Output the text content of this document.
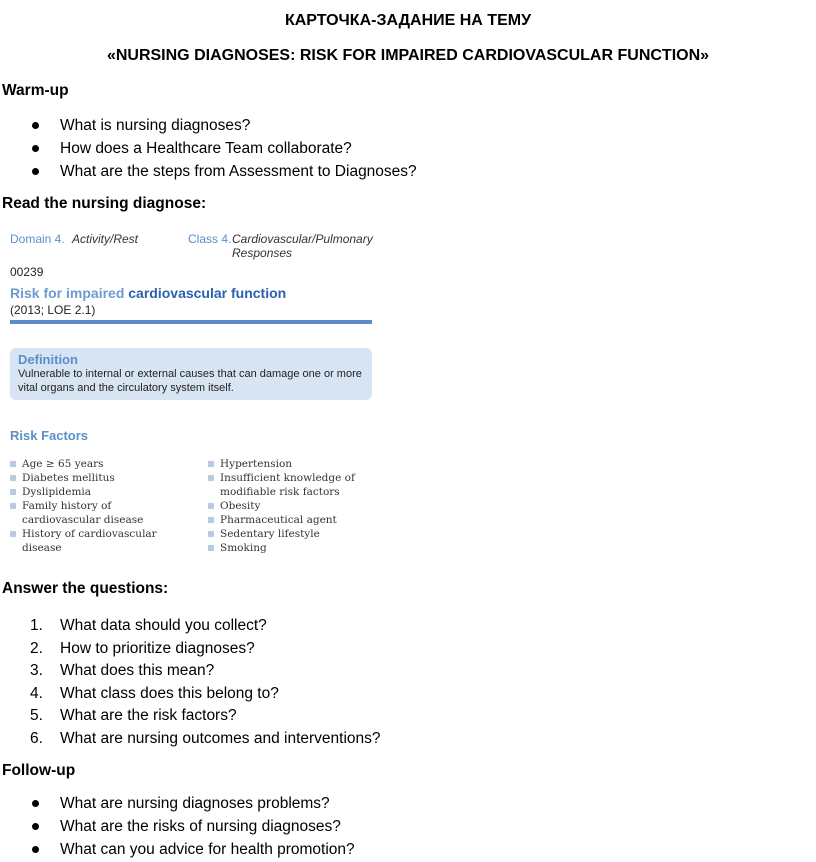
КАРТОЧКА-ЗАДАНИЕ НА ТЕМУ
«NURSING DIAGNOSES: RISK FOR IMPAIRED CARDIOVASCULAR FUNCTION»
Warm-up
What is nursing diagnoses?
How does a Healthcare Team collaborate?
What are the steps from Assessment to Diagnoses?
Read the nursing diagnose:
Domain 4. Activity/Rest	Class 4. Cardiovascular/Pulmonary Responses
00239
Risk for impaired cardiovascular function
(2013; LOE 2.1)
Definition
Vulnerable to internal or external causes that can damage one or more vital organs and the circulatory system itself.
Risk Factors
Age ≥ 65 years
Diabetes mellitus
Dyslipidemia
Family history of cardiovascular disease
History of cardiovascular disease
Hypertension
Insufficient knowledge of modifiable risk factors
Obesity
Pharmaceutical agent
Sedentary lifestyle
Smoking
Answer the questions:
1.	What data should you collect?
2.	How to prioritize diagnoses?
3.	What does this mean?
4.	What class does this belong to?
5.	What are the risk factors?
6.	What are nursing outcomes and interventions?
Follow-up
What are nursing diagnoses problems?
What are the risks of nursing diagnoses?
What can you advice for health promotion?
